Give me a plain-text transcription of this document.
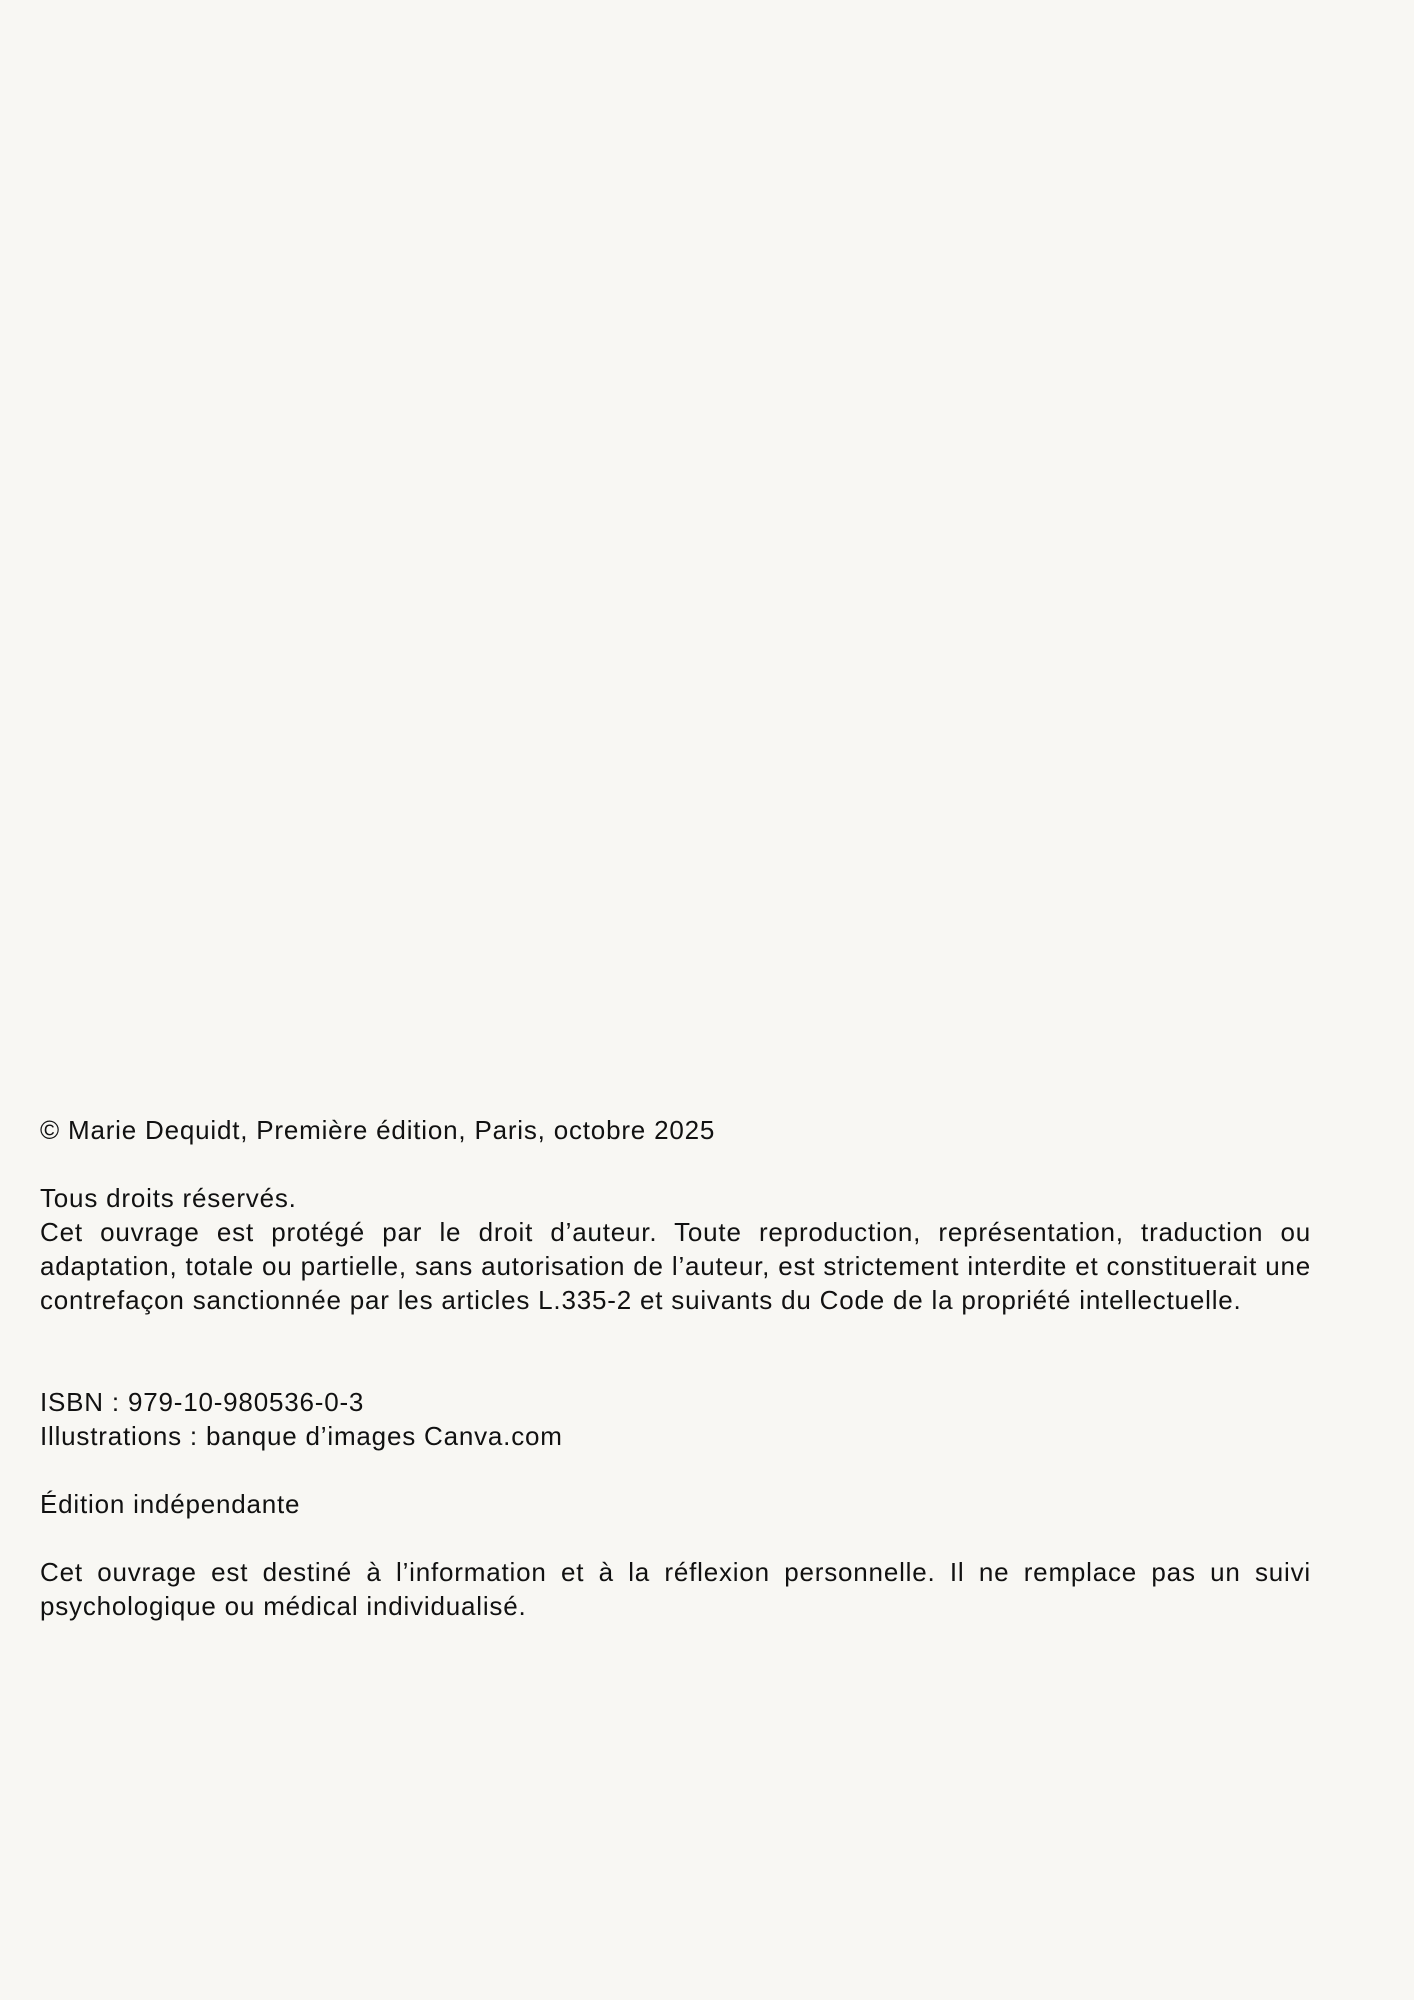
© Marie Dequidt, Première édition, Paris, octobre 2025

Tous droits réservés.

Cet ouvrage est protégé par le droit d’auteur. Toute reproduction, représentation, traduction ou adaptation, totale ou partielle, sans autorisation de l’auteur, est strictement interdite et constituerait une contrefaçon sanctionnée par les articles L.335-2 et suivants du Code de la propriété intellectuelle.

ISBN : 979-10-980536-0-3

Illustrations : banque d’images Canva.com

Édition indépendante

Cet ouvrage est destiné à l’information et à la réflexion personnelle. Il ne remplace pas un suivi psychologique ou médical individualisé.
